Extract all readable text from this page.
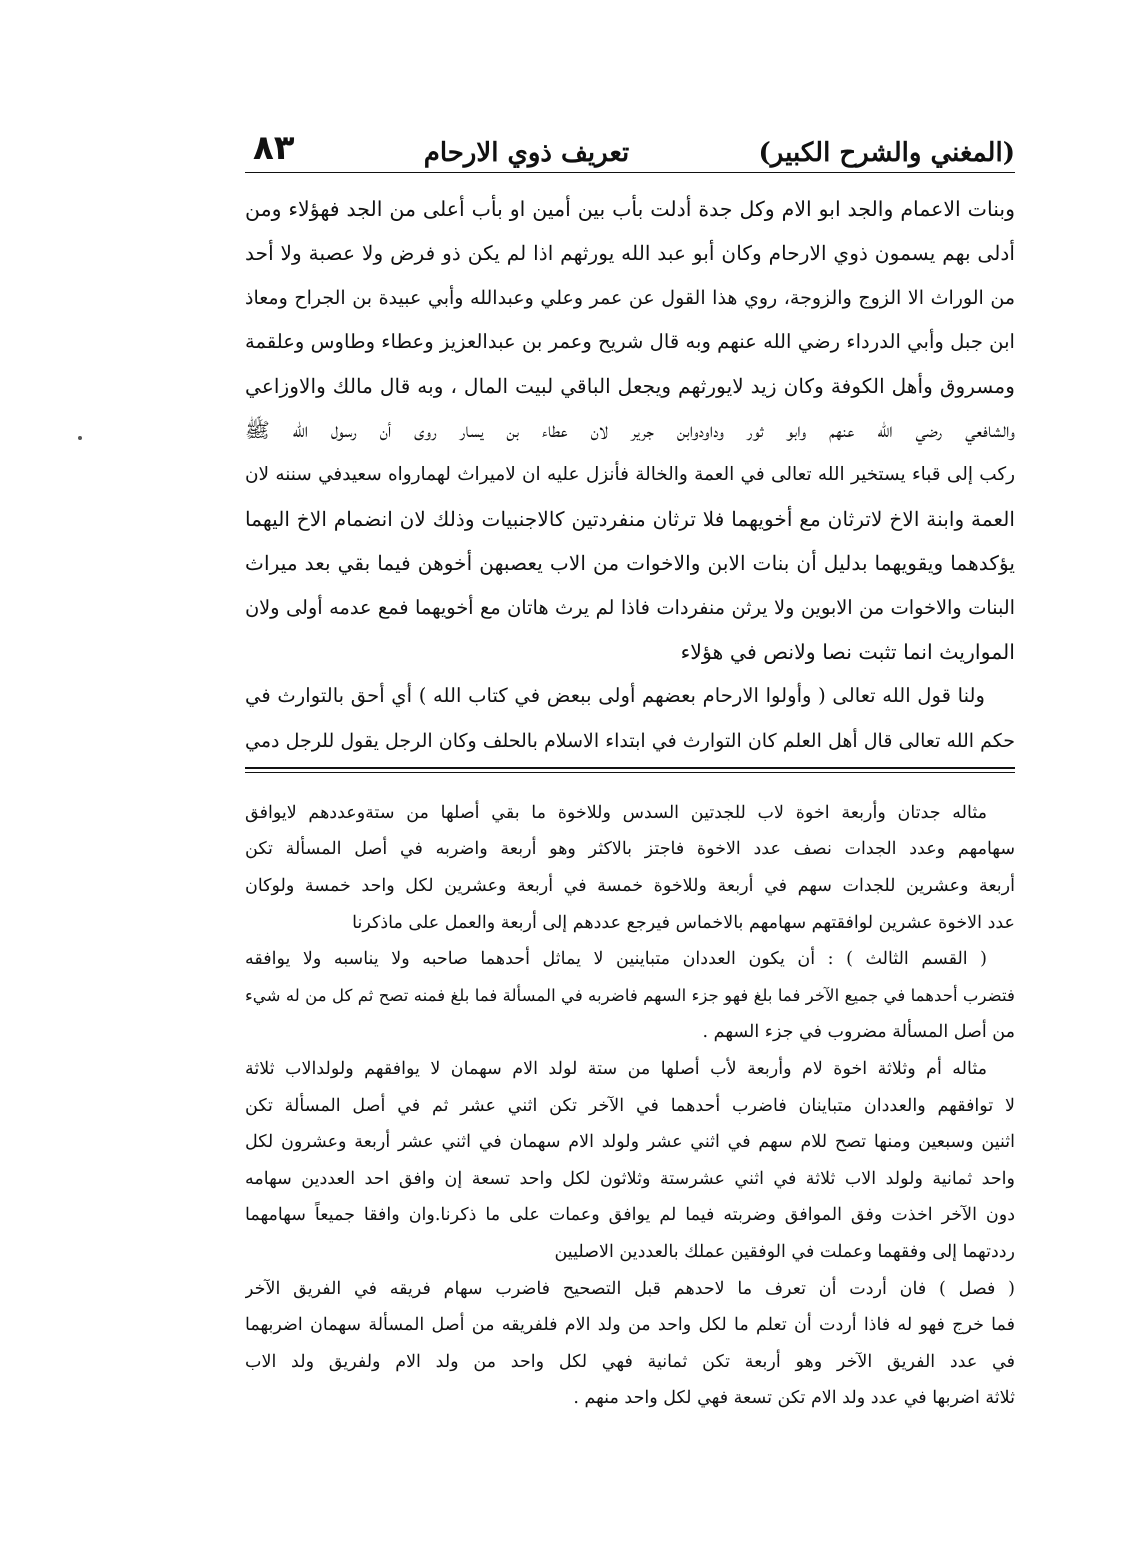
(المغني والشرح الكبير)
تعريف ذوي الارحام
٨٣
وبنات الاعمام والجد ابو الام وكل جدة أدلت بأب بين أمين او بأب أعلى من الجد فهؤلاء ومن
أدلى بهم يسمون ذوي الارحام وكان أبو عبد الله يورثهم اذا لم يكن ذو فرض ولا عصبة ولا أحد
من الوراث الا الزوج والزوجة، روي هذا القول عن عمر وعلي وعبدالله وأبي عبيدة بن الجراح ومعاذ
ابن جبل وأبي الدرداء رضي الله عنهم وبه قال شريح وعمر بن عبدالعزيز وعطاء وطاوس وعلقمة
ومسروق وأهل الكوفة وكان زيد لايورثهم ويجعل الباقي لبيت المال ، وبه قال مالك والاوزاعي
والشافعي رضي الله عنهم وابو ثور وداودوابن جرير لان عطاء بن يسار روى أن رسول الله ﷺ
ركب إلى قباء يستخير الله تعالى في العمة والخالة فأنزل عليه ان لاميراث لهمارواه سعيدفي سننه لان
العمة وابنة الاخ لاترثان مع أخويهما فلا ترثان منفردتين كالاجنبيات وذلك لان انضمام الاخ اليهما
يؤكدهما ويقويهما بدليل أن بنات الابن والاخوات من الاب يعصبهن أخوهن فيما بقي بعد ميراث
البنات والاخوات من الابوين ولا يرثن منفردات فاذا لم يرث هاتان مع أخويهما فمع عدمه أولى ولان
المواريث انما تثبت نصا ولانص في هؤلاء
ولنا قول الله تعالى ( وأولوا الارحام بعضهم أولى ببعض في كتاب الله ) أي أحق بالتوارث في
حكم الله تعالى قال أهل العلم كان التوارث في ابتداء الاسلام بالحلف وكان الرجل يقول للرجل دمي
مثاله جدتان وأربعة اخوة لاب للجدتين السدس وللاخوة ما بقي أصلها من ستةوعددهم لايوافق
سهامهم وعدد الجدات نصف عدد الاخوة فاجتز بالاكثر وهو أربعة واضربه في أصل المسألة تكن
أربعة وعشرين للجدات سهم في أربعة وللاخوة خمسة في أربعة وعشرين لكل واحد خمسة ولوكان
عدد الاخوة عشرين لوافقتهم سهامهم بالاخماس فيرجع عددهم إلى أربعة والعمل على ماذكرنا
( القسم الثالث ) : أن يكون العددان متباينين لا يماثل أحدهما صاحبه ولا يناسبه ولا يوافقه
فتضرب أحدهما في جميع الآخر فما بلغ فهو جزء السهم فاضربه في المسألة فما بلغ فمنه تصح ثم كل من له شيء
من أصل المسألة مضروب في جزء السهم .
مثاله أم وثلاثة اخوة لام وأربعة لأب أصلها من ستة لولد الام سهمان لا يوافقهم ولولدالاب ثلاثة
لا توافقهم والعددان متباينان فاضرب أحدهما في الآخر تكن اثني عشر ثم في أصل المسألة تكن
اثنين وسبعين ومنها تصح للام سهم في اثني عشر ولولد الام سهمان في اثني عشر أربعة وعشرون لكل
واحد ثمانية ولولد الاب ثلاثة في اثني عشرستة وثلاثون لكل واحد تسعة إن وافق احد العددين سهامه
دون الآخر اخذت وفق الموافق وضربته فيما لم يوافق وعمات على ما ذكرنا.وان وافقا جميعاً سهامهما
رددتهما إلى وفقهما وعملت في الوفقين عملك بالعددين الاصليين
( فصل ) فان أردت أن تعرف ما لاحدهم قبل التصحيح فاضرب سهام فريقه في الفريق الآخر
فما خرج فهو له فاذا أردت أن تعلم ما لكل واحد من ولد الام فلفريقه من أصل المسألة سهمان اضربهما
في عدد الفريق الآخر وهو أربعة تكن ثمانية فهي لكل واحد من ولد الام ولفريق ولد الاب
ثلاثة اضربها في عدد ولد الام تكن تسعة فهي لكل واحد منهم .
